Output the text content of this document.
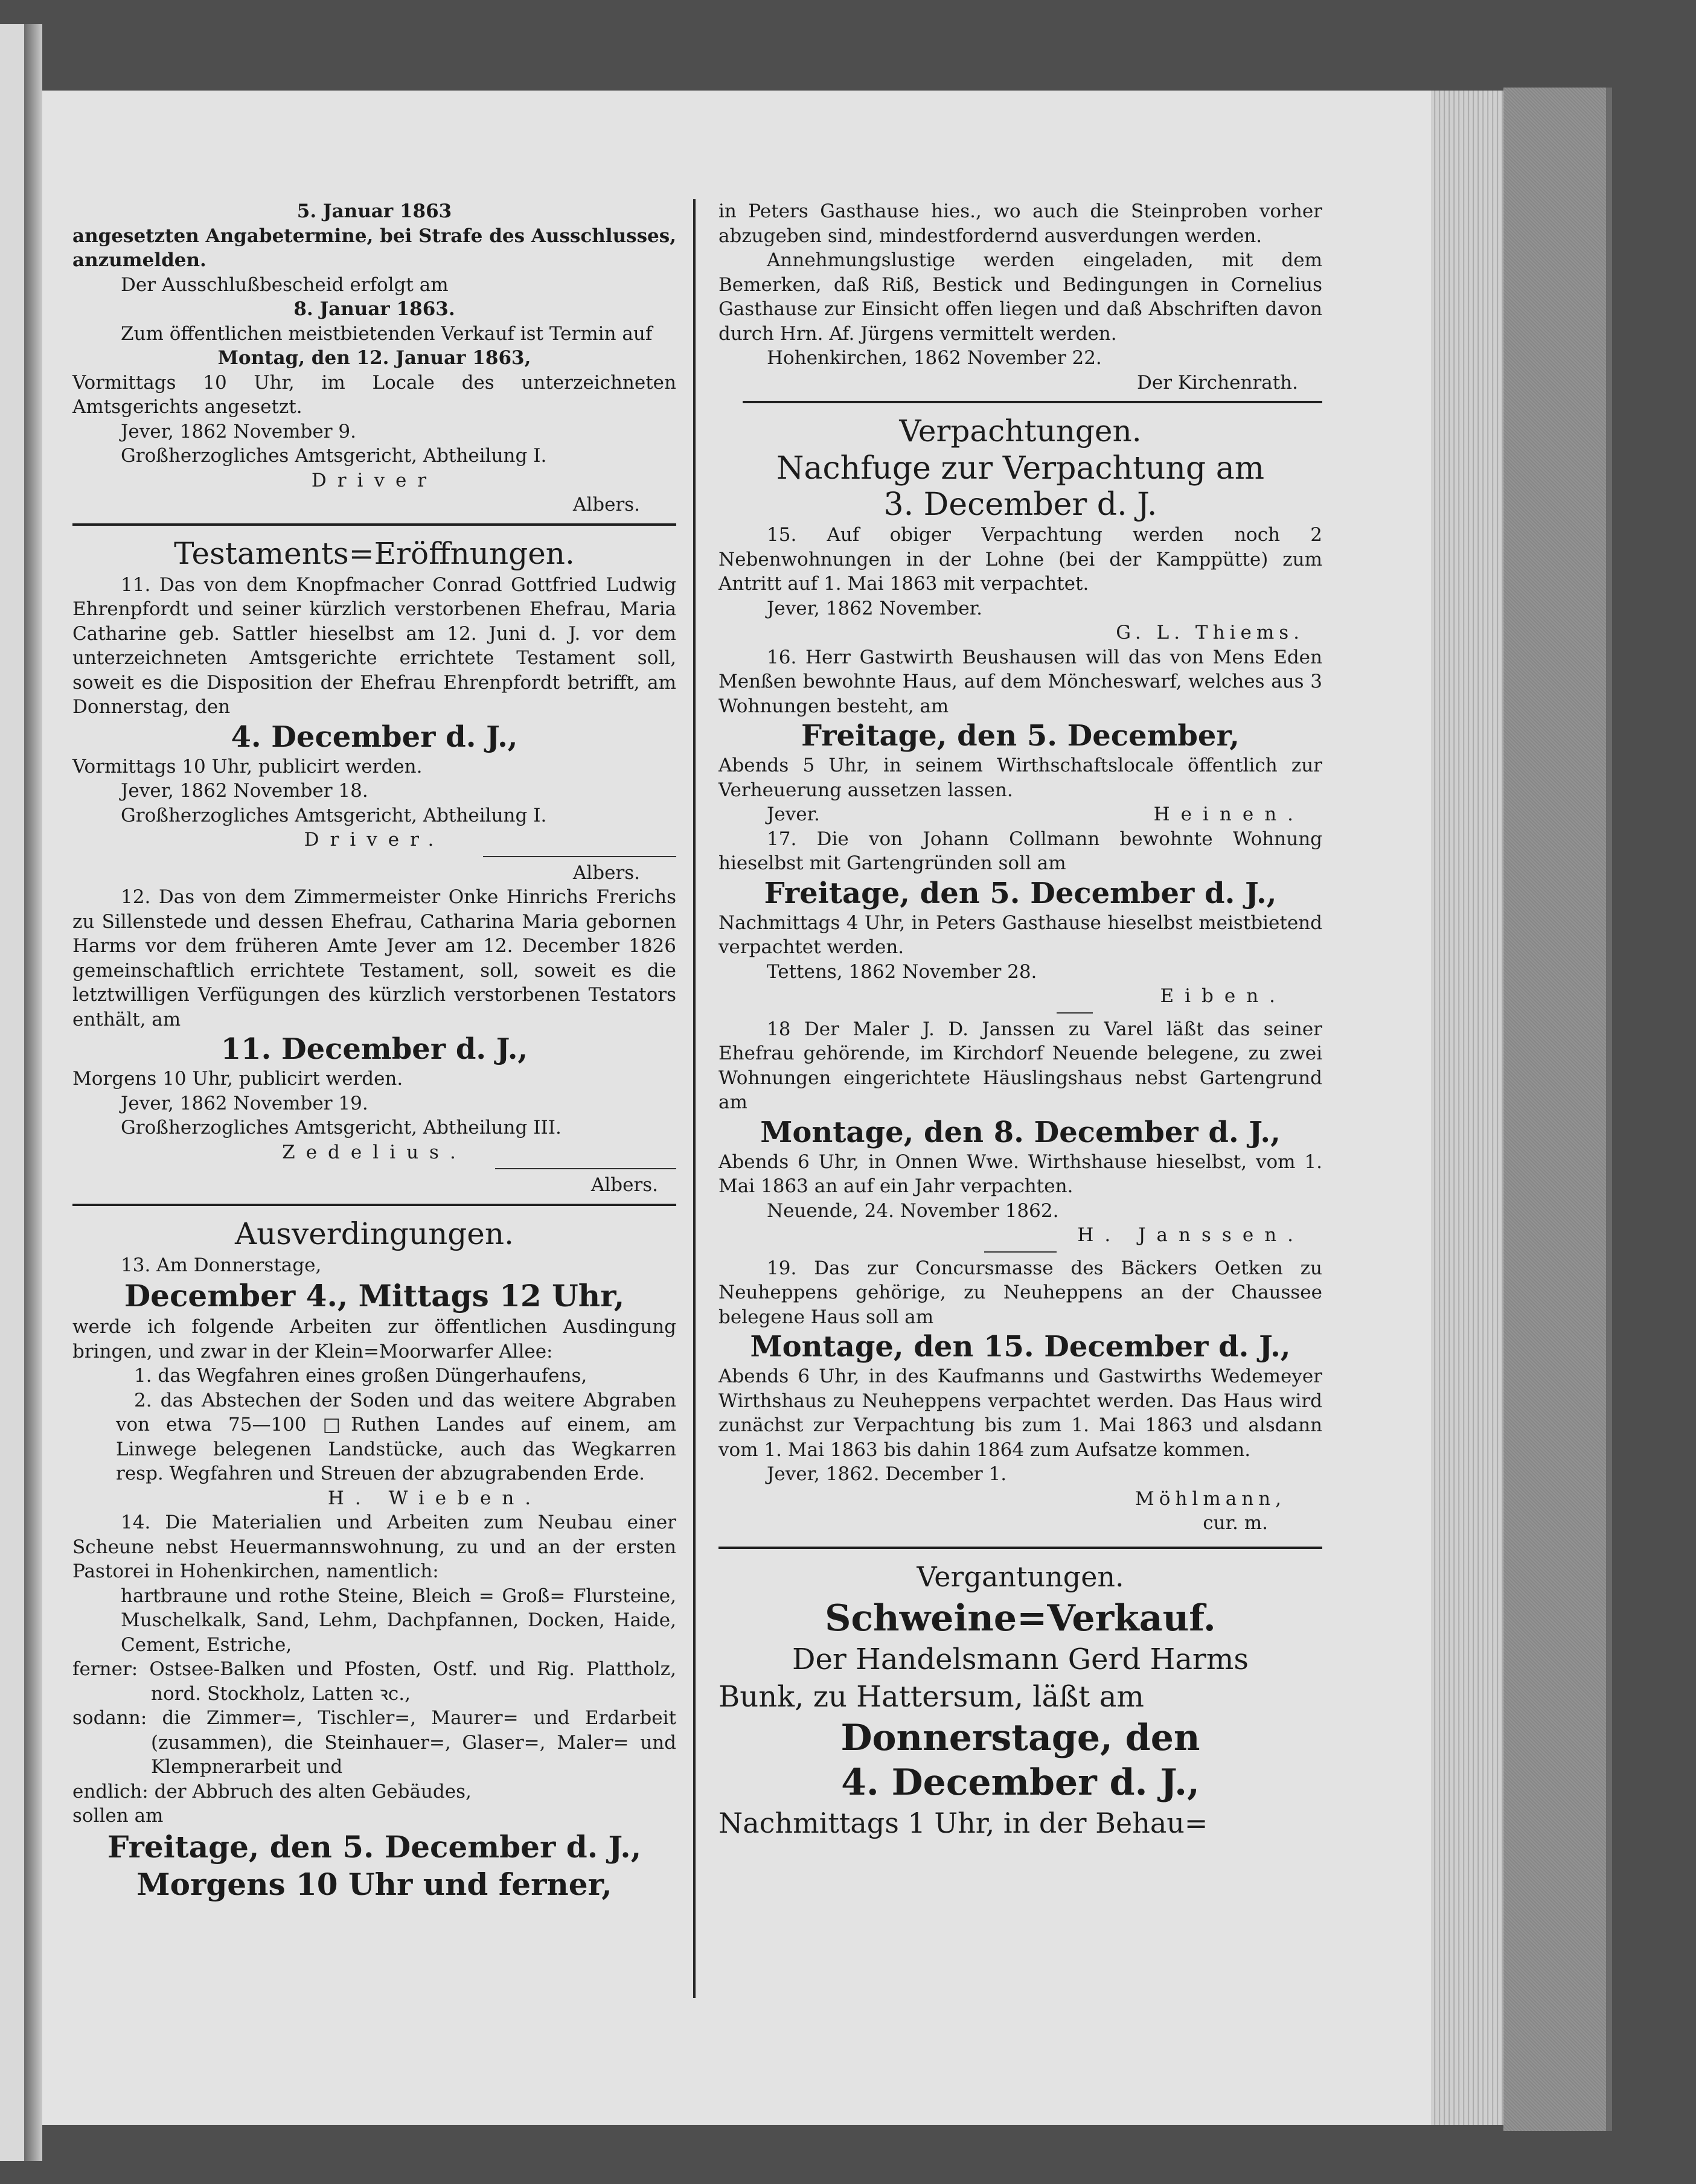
5. Januar 1863

angesetzten Angabetermine, bei Strafe des Ausschlusses, anzumelden.

Der Ausschlußbescheid erfolgt am

8. Januar 1863.

Zum öffentlichen meistbietenden Verkauf ist Termin auf

Montag, den 12. Januar 1863,

Vormittags 10 Uhr, im Locale des unterzeichneten Amtsgerichts angesetzt.

Jever, 1862 November 9.

Großherzogliches Amtsgericht, Abtheilung I.

Driver

Albers.

Testaments=Eröffnungen.

11. Das von dem Knopfmacher Conrad Gottfried Ludwig Ehrenpfordt und seiner kürzlich verstorbenen Ehefrau, Maria Catharine geb. Sattler hieselbst am 12. Juni d. J. vor dem unterzeichneten Amtsgerichte errichtete Testament soll, soweit es die Disposition der Ehefrau Ehrenpfordt betrifft, am Donnerstag, den

4. December d. J.,

Vormittags 10 Uhr, publicirt werden.

Jever, 1862 November 18.

Großherzogliches Amtsgericht, Abtheilung I.

Driver.

Albers.

12. Das von dem Zimmermeister Onke Hinrichs Frerichs zu Sillenstede und dessen Ehefrau, Catharina Maria gebornen Harms vor dem früheren Amte Jever am 12. December 1826 gemeinschaftlich errichtete Testament, soll, soweit es die letztwilligen Verfügungen des kürzlich verstorbenen Testators enthält, am

11. December d. J.,

Morgens 10 Uhr, publicirt werden.

Jever, 1862 November 19.

Großherzogliches Amtsgericht, Abtheilung III.

Zedelius.

Albers.

Ausverdingungen.

13. Am Donnerstage,

December 4., Mittags 12 Uhr,

werde ich folgende Arbeiten zur öffentlichen Ausdingung bringen, und zwar in der Klein=Moorwarfer Allee:

1. das Wegfahren eines großen Düngerhaufens,

2. das Abstechen der Soden und das weitere Abgraben von etwa 75—100 □Ruthen Landes auf einem, am Linwege belegenen Landstücke, auch das Wegkarren resp. Wegfahren und Streuen der abzugrabenden Erde.

H. Wieben.

14. Die Materialien und Arbeiten zum Neubau einer Scheune nebst Heuermannswohnung, zu und an der ersten Pastorei in Hohenkirchen, namentlich:

hartbraune und rothe Steine, Bleich = Groß= Flursteine, Muschelkalk, Sand, Lehm, Dachpfannen, Docken, Haide, Cement, Estriche,

ferner: Ostsee-Balken und Pfosten, Ostf. und Rig. Plattholz, nord. Stockholz, Latten ꝛc.,

sodann: die Zimmer=, Tischler=, Maurer= und Erdarbeit (zusammen), die Steinhauer=, Glaser=, Maler= und Klempnerarbeit und

endlich: der Abbruch des alten Gebäudes,

sollen am

Freitage, den 5. December d. J.,

Morgens 10 Uhr und ferner,

in Peters Gasthause hies., wo auch die Steinproben vorher abzugeben sind, mindestfordernd ausverdungen werden.

Annehmungslustige werden eingeladen, mit dem Bemerken, daß Riß, Bestick und Bedingungen in Cornelius Gasthause zur Einsicht offen liegen und daß Abschriften davon durch Hrn. Af. Jürgens vermittelt werden.

Hohenkirchen, 1862 November 22.

Der Kirchenrath.

Verpachtungen.

Nachfuge zur Verpachtung am

3. December d. J.

15. Auf obiger Verpachtung werden noch 2 Nebenwohnungen in der Lohne (bei der Kamppütte) zum Antritt auf 1. Mai 1863 mit verpachtet.

Jever, 1862 November.

G. L. Thiems.

16. Herr Gastwirth Beushausen will das von Mens Eden Menßen bewohnte Haus, auf dem Möncheswarf, welches aus 3 Wohnungen besteht, am

Freitage, den 5. December,

Abends 5 Uhr, in seinem Wirthschaftslocale öffentlich zur Verheuerung aussetzen lassen.

Jever.	Heinen.

17. Die von Johann Collmann bewohnte Wohnung hieselbst mit Gartengründen soll am

Freitage, den 5. December d. J.,

Nachmittags 4 Uhr, in Peters Gasthause hieselbst meistbietend verpachtet werden.

Tettens, 1862 November 28.

Eiben.

18 Der Maler J. D. Janssen zu Varel läßt das seiner Ehefrau gehörende, im Kirchdorf Neuende belegene, zu zwei Wohnungen eingerichtete Häuslingshaus nebst Gartengrund am

Montage, den 8. December d. J.,

Abends 6 Uhr, in Onnen Wwe. Wirthshause hieselbst, vom 1. Mai 1863 an auf ein Jahr verpachten.

Neuende, 24. November 1862.

H. Janssen.

19. Das zur Concursmasse des Bäckers Oetken zu Neuheppens gehörige, zu Neuheppens an der Chaussee belegene Haus soll am

Montage, den 15. December d. J.,

Abends 6 Uhr, in des Kaufmanns und Gastwirths Wedemeyer Wirthshaus zu Neuheppens verpachtet werden. Das Haus wird zunächst zur Verpachtung bis zum 1. Mai 1863 und alsdann vom 1. Mai 1863 bis dahin 1864 zum Aufsatze kommen.

Jever, 1862. December 1.

Möhlmann,

cur. m.

Vergantungen.

Schweine=Verkauf.

Der Handelsmann Gerd Harms

Bunk, zu Hattersum, läßt am

Donnerstage, den

4. December d. J.,

Nachmittags 1 Uhr, in der Behau=
